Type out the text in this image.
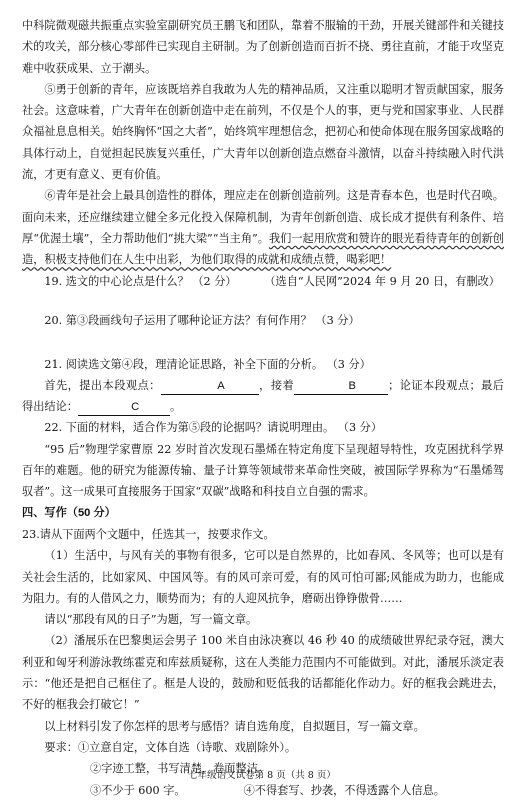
中科院微观磁共振重点实验室副研究员王鹏飞和团队，靠着不服输的干劲，开展关键部件和关键技术的攻关，部分核心零部件已实现自主研制。为了创新创造而百折不挠、勇往直前，才能于攻坚克难中收获成果、立于潮头。

⑤勇于创新的青年，应该既培养自我敢为人先的精神品质，又注重以聪明才智贡献国家，服务社会。这意味着，广大青年在创新创造中走在前列，不仅是个人的事，更与党和国家事业、人民群众福祉息息相关。始终胸怀“国之大者”，始终筑牢理想信念，把初心和使命体现在服务国家战略的具体行动上，自觉担起民族复兴重任，广大青年以创新创造点燃奋斗激情，以奋斗持续融入时代洪流，才更有意义、更有价值。

⑥青年是社会上最具创造性的群体，理应走在创新创造前列。这是青春本色，也是时代召唤。面向未来，还应继续建立健全多元化投入保障机制，为青年创新创造、成长成才提供有利条件、培厚“优渥土壤”，全力帮助他们“挑大梁”“当主角”。我们一起用欣赏和赞许的眼光看待青年的创新创造，积极支持他们在人生中出彩，为他们取得的成就和成绩点赞，喝彩吧！

（选自“人民网”2024 年 9 月 20 日，有删改）

19. 选文的中心论点是什么？ （2 分）

20. 第③段画线句子运用了哪种论证方法？有何作用？ （3 分）

21. 阅读选文第④段，理清论证思路，补全下面的分析。 （3 分）

首先，提出本段观点：	A	，接着	B	；论证本段观点；最后得出结论：	C	。

22. 下面的材料，适合作为第⑤段的论据吗？请说明理由。 （3 分）

“95 后”物理学家曹原 22 岁时首次发现石墨烯在特定角度下呈现超导特性，攻克困扰科学界百年的难题。他的研究为能源传输、量子计算等领域带来革命性突破，被国际学界称为“石墨烯驾驭者”。这一成果可直接服务于国家“双碳”战略和科技自立自强的需求。

四、写作（50 分）

23.请从下面两个文题中，任选其一，按要求作文。

（1）生活中，与风有关的事物有很多，它可以是自然界的，比如春风、冬风等；也可以是有关社会生活的，比如家风、中国风等。有的风可亲可爱，有的风可怕可鄙;风能成为助力，也能成为阻力。有的人借风之力，顺势而为；有的人迎风抗争，磨砺出铮铮傲骨……

请以“那段有风的日子”为题，写一篇文章。

（2）潘展乐在巴黎奥运会男子 100 米自由泳决赛以 46 秒 40 的成绩破世界纪录夺冠，澳大利亚和匈牙利游泳教练霍克和库兹质疑称，这在人类能力范围内不可能做到。对此，潘展乐淡定表示：“他还是把自己框住了。框是人设的，鼓励和贬低我的话都能化作动力。好的框我会跳进去，不好的框我会打破它！”

以上材料引发了你怎样的思考与感悟？请自选角度，自拟题目，写一篇文章。

要求：①立意自定，文体自选（诗歌、戏剧除外）。

②字迹工整，书写清楚，卷面整洁。

③不少于 600 字。	④不得套写、抄袭，不得透露个人信息。

七年级语文试卷第 8 页（共 8 页）
